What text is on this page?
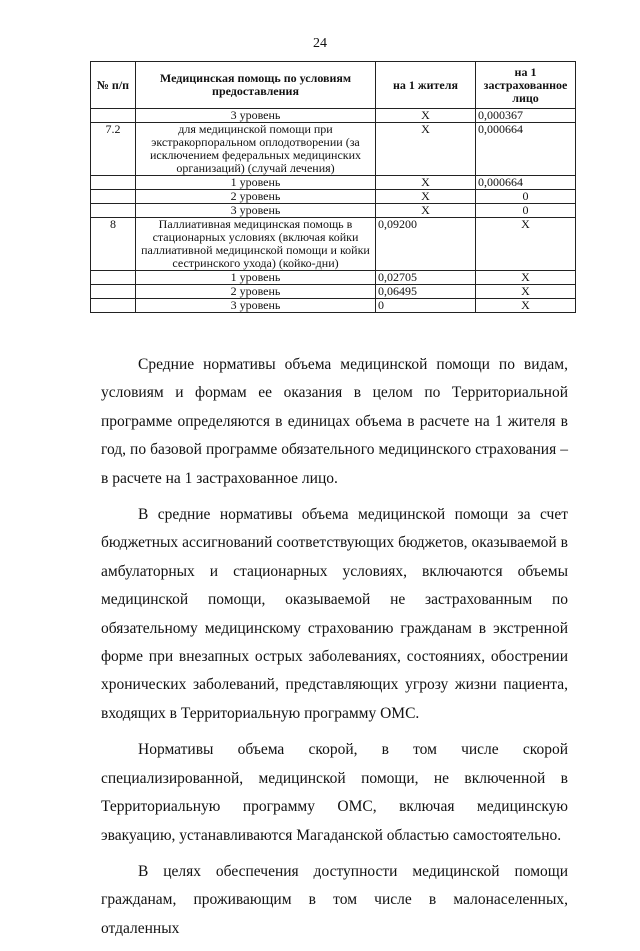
24
№ п/п	Медицинская помощь по условиям предоставления	на 1 жителя	на 1 застрахованное лицо
	3 уровень	X	0,000367
7.2	для медицинской помощи при экстракорпоральном оплодотворении (за исключением федеральных медицинских организаций) (случай лечения)	X	0,000664
	1 уровень	X	0,000664
	2 уровень	X	0
	3 уровень	X	0
8	Паллиативная медицинская помощь в стационарных условиях (включая койки паллиативной медицинской помощи и койки сестринского ухода) (койко-дни)	0,09200	X
	1 уровень	0,02705	X
	2 уровень	0,06495	X
	3 уровень	0	X

Средние нормативы объема медицинской помощи по видам, условиям и формам ее оказания в целом по Территориальной программе определяются в единицах объема в расчете на 1 жителя в год, по базовой программе обязательного медицинского страхования – в расчете на 1 застрахованное лицо.

В средние нормативы объема медицинской помощи за счет бюджетных ассигнований соответствующих бюджетов, оказываемой в амбулаторных и стационарных условиях, включаются объемы медицинской помощи, оказываемой не застрахованным по обязательному медицинскому страхованию гражданам в экстренной форме при внезапных острых заболеваниях, состояниях, обострении хронических заболеваний, представляющих угрозу жизни пациента, входящих в Территориальную программу ОМС.

Нормативы объема скорой, в том числе скорой специализированной, медицинской помощи, не включенной в Территориальную программу ОМС, включая медицинскую эвакуацию, устанавливаются Магаданской областью самостоятельно.

В целях обеспечения доступности медицинской помощи гражданам, проживающим в том числе в малонаселенных, отдаленных
